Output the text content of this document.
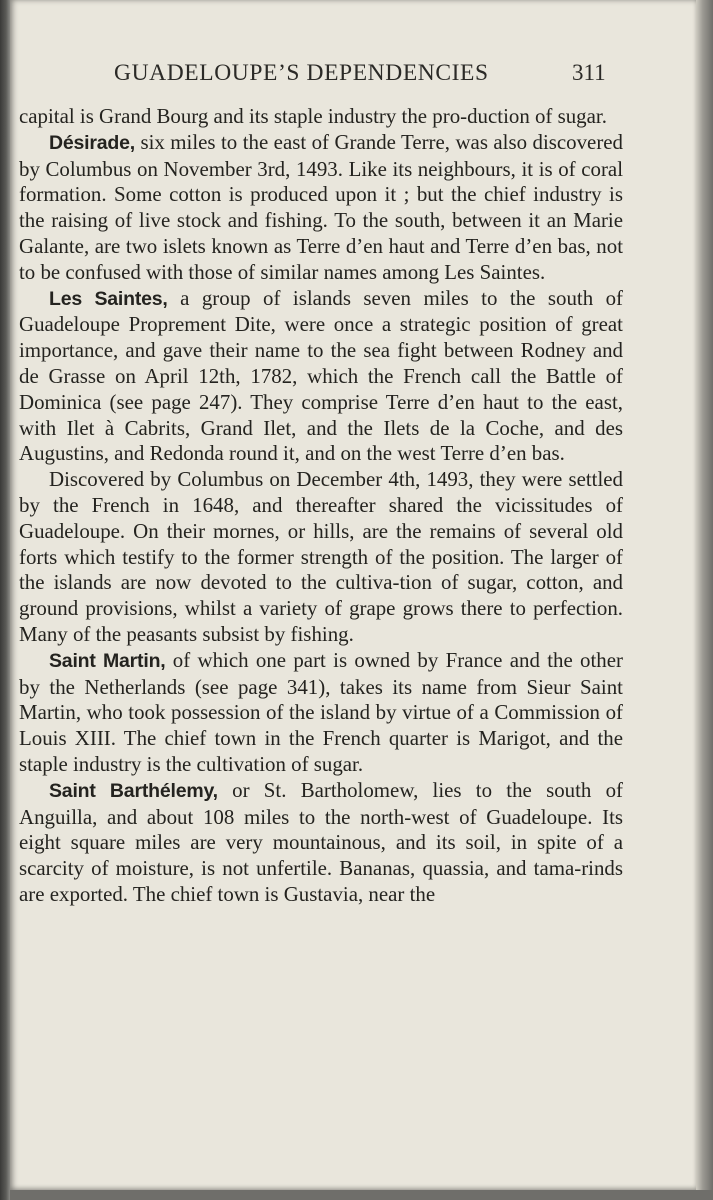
GUADELOUPE’S DEPENDENCIES	311

capital is Grand Bourg and its staple industry the pro-duction of sugar.

Désirade, six miles to the east of Grande Terre, was also discovered by Columbus on November 3rd, 1493. Like its neighbours, it is of coral formation. Some cotton is produced upon it ; but the chief industry is the raising of live stock and fishing. To the south, between it an Marie Galante, are two islets known as Terre d’en haut and Terre d’en bas, not to be confused with those of similar names among Les Saintes.

Les Saintes, a group of islands seven miles to the south of Guadeloupe Proprement Dite, were once a strategic position of great importance, and gave their name to the sea fight between Rodney and de Grasse on April 12th, 1782, which the French call the Battle of Dominica (see page 247). They comprise Terre d’en haut to the east, with Ilet à Cabrits, Grand Ilet, and the Ilets de la Coche, and des Augustins, and Redonda round it, and on the west Terre d’en bas.

Discovered by Columbus on December 4th, 1493, they were settled by the French in 1648, and thereafter shared the vicissitudes of Guadeloupe. On their mornes, or hills, are the remains of several old forts which testify to the former strength of the position. The larger of the islands are now devoted to the cultiva-tion of sugar, cotton, and ground provisions, whilst a variety of grape grows there to perfection. Many of the peasants subsist by fishing.

Saint Martin, of which one part is owned by France and the other by the Netherlands (see page 341), takes its name from Sieur Saint Martin, who took possession of the island by virtue of a Commission of Louis XIII. The chief town in the French quarter is Marigot, and the staple industry is the cultivation of sugar.

Saint Barthélemy, or St. Bartholomew, lies to the south of Anguilla, and about 108 miles to the north-west of Guadeloupe. Its eight square miles are very mountainous, and its soil, in spite of a scarcity of moisture, is not unfertile. Bananas, quassia, and tama-rinds are exported. The chief town is Gustavia, near the
